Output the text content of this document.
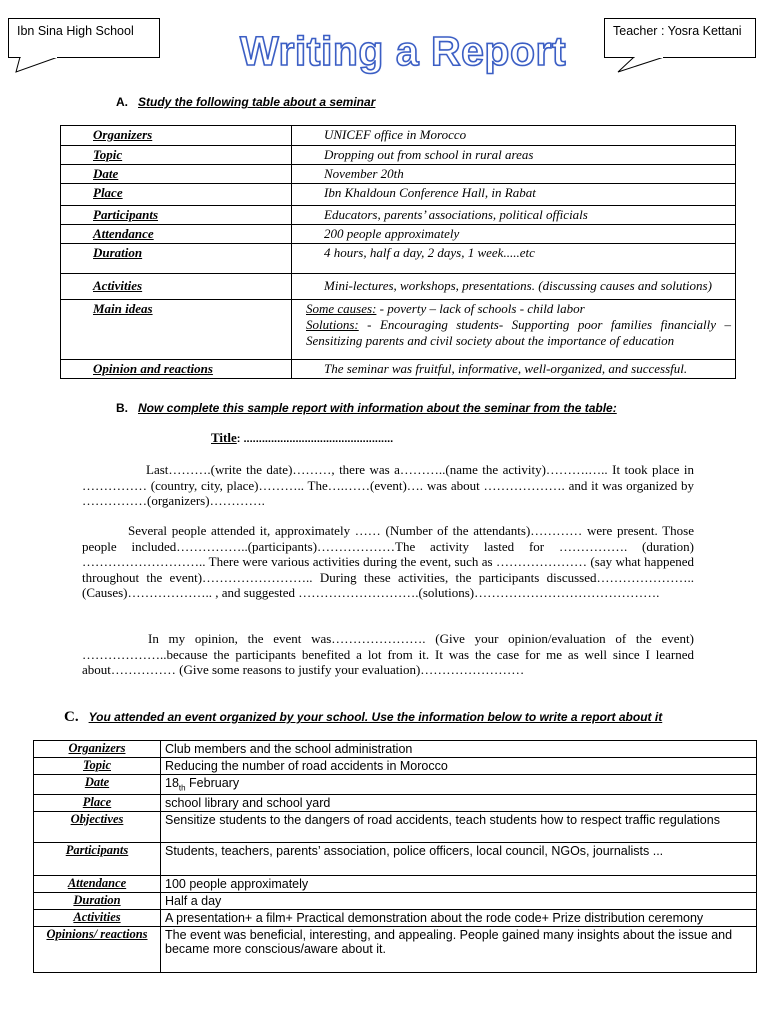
Ibn Sina High School	Teacher : Yosra Kettani
Writing a Report
A. Study the following table about a seminar
Organizers	UNICEF office in Morocco
Topic	Dropping out from school in rural areas
Date	November 20th
Place	Ibn Khaldoun Conference Hall, in Rabat
Participants	Educators, parents’ associations, political officials
Attendance	200 people approximately
Duration	4 hours, half a day, 2 days, 1 week.....etc
Activities	Mini-lectures, workshops, presentations. (discussing causes and solutions)
Main ideas	Some causes: - poverty – lack of schools - child labor
Solutions: - Encouraging students- Supporting poor families financially – Sensitizing parents and civil society about the importance of education
Opinion and reactions	The seminar was fruitful, informative, well-organized, and successful.
B. Now complete this sample report with information about the seminar from the table:
Title: .................................................
Last……….(write the date)………, there was a………..(name the activity)……….….. It took place in …………… (country, city, place)……….. The….……(event)…. was about ………………. and it was organized by ……………(organizers)………….
Several people attended it, approximately …… (Number of the attendants)………… were present. Those people included……………..(participants)………………The activity lasted for ……………. (duration) ……………………….. There were various activities during the event, such as ………………… (say what happened throughout the event)…………………….. During these activities, the participants discussed………………….. (Causes)……………….. , and suggested ……………………….(solutions)…………………………………….
In my opinion, the event was…………………. (Give your opinion/evaluation of the event) ………………..because the participants benefited a lot from it. It was the case for me as well since I learned about…………… (Give some reasons to justify your evaluation)……………………
C. You attended an event organized by your school. Use the information below to write a report about it
Organizers	Club members and the school administration
Topic	Reducing the number of road accidents in Morocco
Date	$18_{th}$ February
Place	school library and school yard
Objectives	Sensitize students to the dangers of road accidents, teach students how to respect traffic regulations
Participants	Students, teachers, parents’ association, police officers, local council, NGOs, journalists ...
Attendance	100 people approximately
Duration	Half a day
Activities	A presentation+ a film+ Practical demonstration about the rode code+ Prize distribution ceremony
Opinions/ reactions	The event was beneficial, interesting, and appealing. People gained many insights about the issue and became more conscious/aware about it.
